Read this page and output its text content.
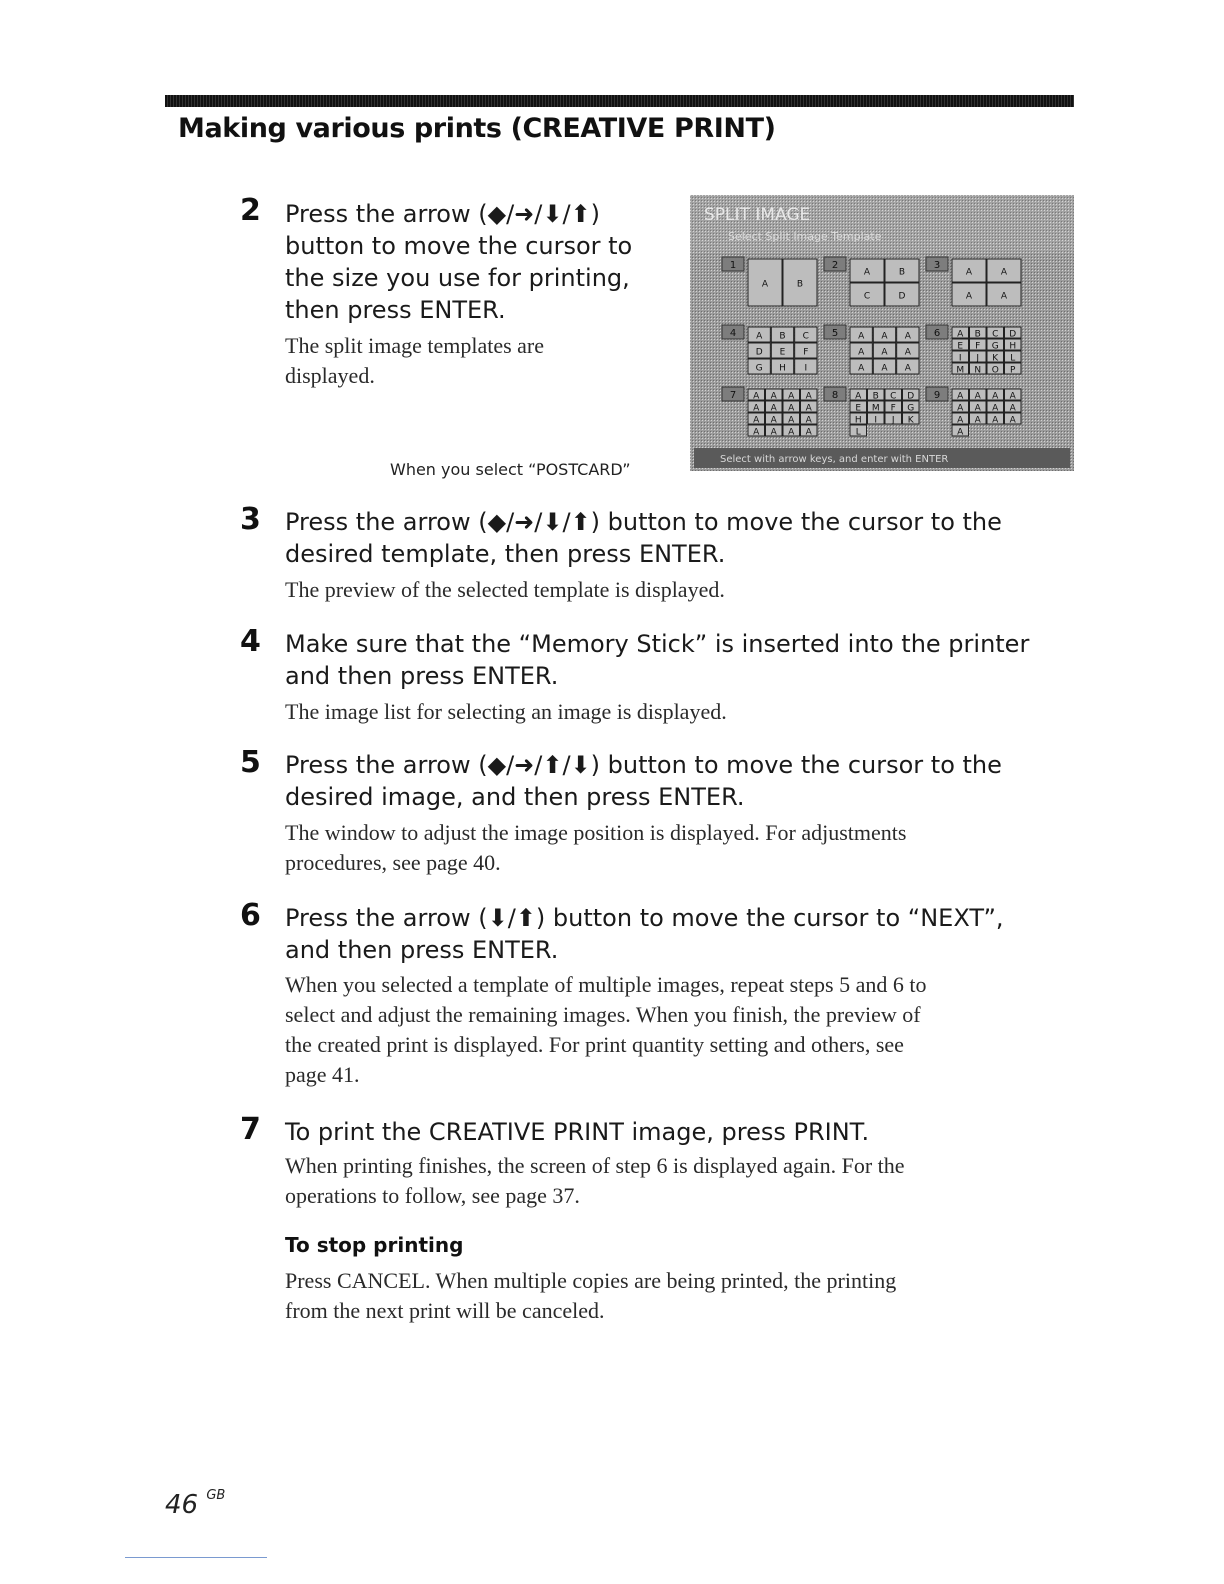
Making various prints (CREATIVE PRINT)
2 Press the arrow (◆/➜/⬇/⬆)
button to move the cursor to
the size you use for printing,
then press ENTER.
The split image templates are
displayed.
SPLIT IMAGE
Select Split Image Template
1
A	B
2
A	B
C	D
3
A	A
A	A
4 A B C
D E F
G H I
5 A A A
A A A
A A A
6 A B C D
E F G H
I J K L
M N O P
7 A A A A
A A A A
A A A A
A A A A
8 A B C D
E M F G
H I J K
L
9 A A A A
A A A A
A A A A
A
Select with arrow keys, and enter with ENTER
When you select “POSTCARD”
3 Press the arrow (◆/➜/⬇/⬆) button to move the cursor to the
desired template, then press ENTER.
The preview of the selected template is displayed.
4 Make sure that the “Memory Stick” is inserted into the printer
and then press ENTER.
The image list for selecting an image is displayed.
5 Press the arrow (◆/➜/⬆/⬇) button to move the cursor to the
desired image, and then press ENTER.
The window to adjust the image position is displayed. For adjustments
procedures, see page 40.
6 Press the arrow (⬇/⬆) button to move the cursor to “NEXT”,
and then press ENTER.
When you selected a template of multiple images, repeat steps 5 and 6 to
select and adjust the remaining images. When you finish, the preview of
the created print is displayed. For print quantity setting and others, see
page 41.
7 To print the CREATIVE PRINT image, press PRINT.
When printing finishes, the screen of step 6 is displayed again. For the
operations to follow, see page 37.
To stop printing
Press CANCEL. When multiple copies are being printed, the printing
from the next print will be canceled.
46 $^{GB}$
